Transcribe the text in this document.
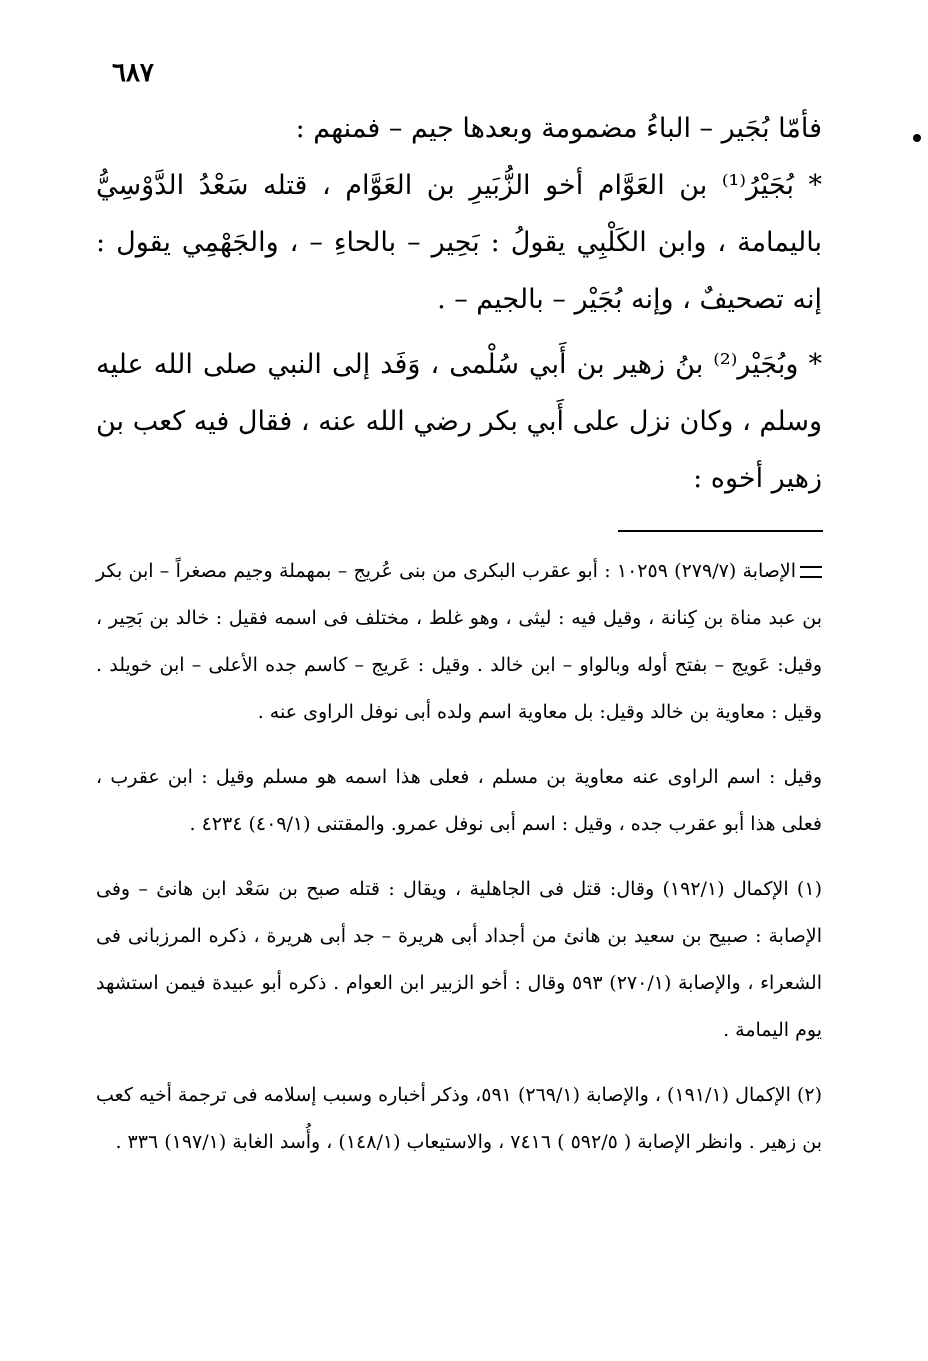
٦٨٧

فأمّا بُجَير – الباءُ مضمومة وبعدها جيم – فمنهم :

* بُجَيْرُ⁽¹⁾ بن العَوَّام أخو الزُّبَيرِ بن العَوَّام ، قتله سَعْدُ الدَّوْسِيُّ باليمامة ، وابن الكَلْبِي يقولُ : بَحِير – بالحاءِ – ، والجَهْمِي يقول : إنه تصحيفٌ ، وإنه بُجَيْر – بالجيم – .

* وبُجَيْر⁽²⁾ بنُ زهير بن أَبي سُلْمى ، وَفَد إلى النبي صلى الله عليه وسلم ، وكان نزل على أَبي بكر رضي الله عنه ، فقال فيه كعب بن زهير أخوه :

الإصابة (٢٧٩/٧) ١٠٢٥٩ : أبو عقرب البكرى من بنى عُريج – بمهملة وجيم مصغراً – ابن بكر بن عبد مناة بن كِنانة ، وقيل فيه : ليثى ، وهو غلط ، مختلف فى اسمه فقيل : خالد بن بَحِير ، وقيل: عَويج – بفتح أوله وبالواو – ابن خالد . وقيل : عَريج – كاسم جده الأعلى – ابن خويلد . وقيل : معاوية بن خالد وقيل: بل معاوية اسم ولده أبى نوفل الراوى عنه .

وقيل : اسم الراوى عنه معاوية بن مسلم ، فعلى هذا اسمه هو مسلم وقيل : ابن عقرب ، فعلى هذا أبو عقرب جده ، وقيل : اسم أبى نوفل عمرو. والمقتنى (٤٠٩/١) ٤٢٣٤ .

(١) الإكمال (١٩٢/١) وقال: قتل فى الجاهلية ، ويقال : قتله صبح بن سَعْد ابن هانئ – وفى الإصابة : صبيح بن سعيد بن هانئ من أجداد أبى هريرة – جد أبى هريرة ، ذكره المرزبانى فى الشعراء ، والإصابة (٢٧٠/١) ٥٩٣ وقال : أخو الزبير ابن العوام . ذكره أبو عبيدة فيمن استشهد يوم اليمامة .

(٢) الإكمال (١٩١/١) ، والإصابة (٢٦٩/١) ٥٩١، وذكر أخباره وسبب إسلامه فى ترجمة أخيه كعب بن زهير . وانظر الإصابة ( ٥٩٢/٥ ) ٧٤١٦ ، والاستيعاب (١٤٨/١) ، وأُسد الغابة (١٩٧/١) ٣٣٦ .
